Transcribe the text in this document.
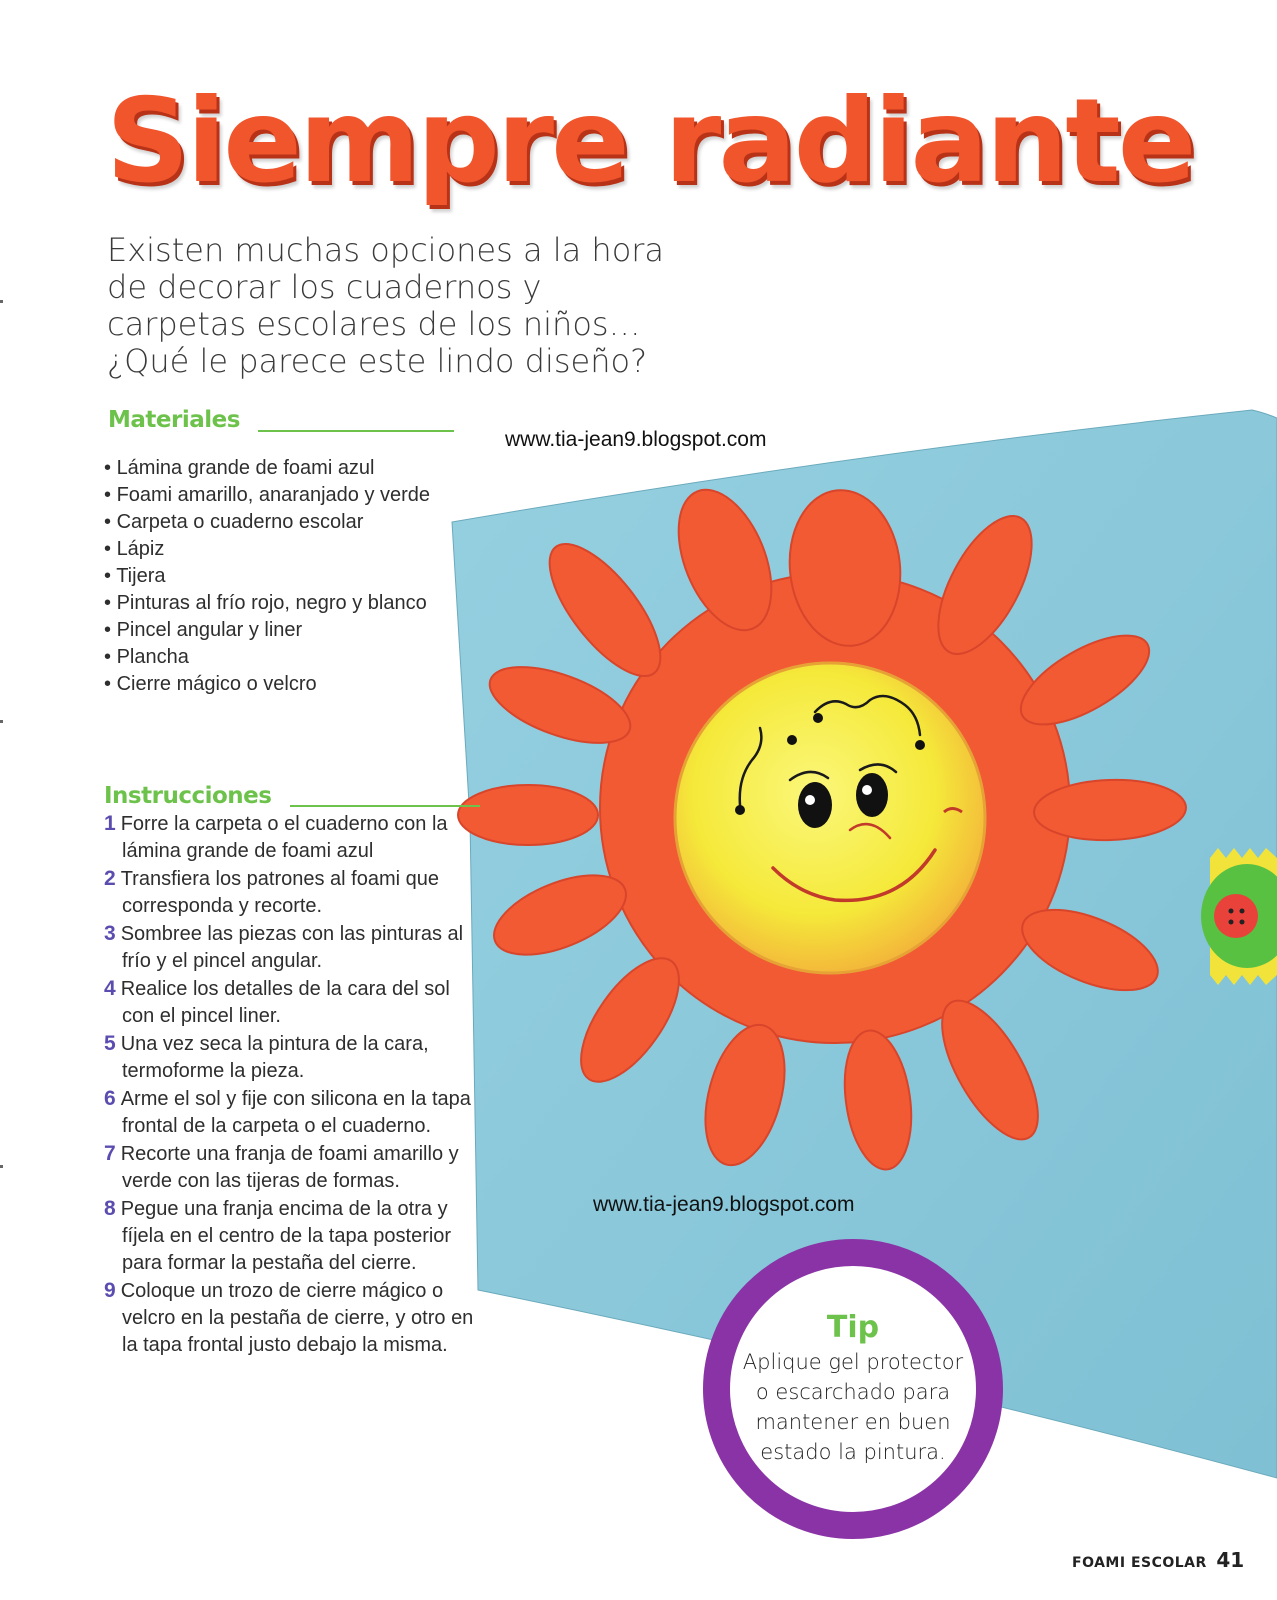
Siempre radiante

Existen muchas opciones a la hora de decorar los cuadernos y carpetas escolares de los niños… ¿Qué le parece este lindo diseño?

Materiales
• Lámina grande de foami azul
• Foami amarillo, anaranjado y verde
• Carpeta o cuaderno escolar
• Lápiz
• Tijera
• Pinturas al frío rojo, negro y blanco
• Pincel angular y liner
• Plancha
• Cierre mágico o velcro
Instrucciones
1 Forre la carpeta o el cuaderno con la lámina grande de foami azul
2 Transfiera los patrones al foami que corresponda y recorte.
3 Sombree las piezas con las pinturas al frío y el pincel angular.
4 Realice los detalles de la cara del sol con el pincel liner.
5 Una vez seca la pintura de la cara, termoforme la pieza.
6 Arme el sol y fije con silicona en la tapa frontal de la carpeta o el cuaderno.
7 Recorte una franja de foami amarillo y verde con las tijeras de formas.
8 Pegue una franja encima de la otra y fíjela en el centro de la tapa posterior para formar la pestaña del cierre.
9 Coloque un trozo de cierre mágico o velcro en la pestaña de cierre, y otro en la tapa frontal justo debajo la misma.
www.tia-jean9.blogspot.com
www.tia-jean9.blogspot.com
Tip
Aplique gel protector o escarchado para mantener en buen estado la pintura.
FOAMI ESCOLAR 41
